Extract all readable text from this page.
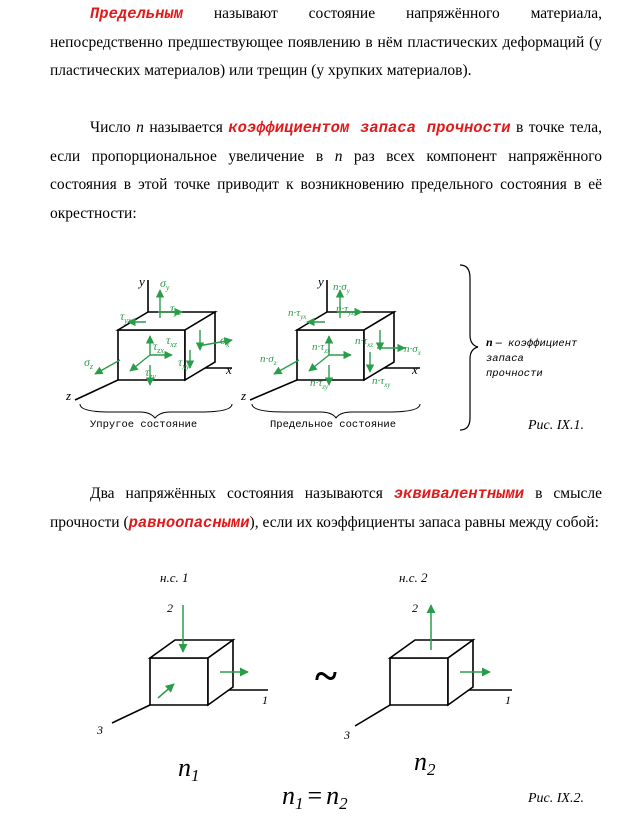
Предельным называют состояние напряжённого материала, непосредственно предшествующее появлению в нём пластических деформаций (у пластических материалов) или трещин (у хрупких материалов).

Число n называется коэффициентом запаса прочности в точке тела, если пропорциональное увеличение в n раз всех компонент напряжённого состояния в этой точке приводит к возникновению предельного состояния в её окрестности:

Два напряжённых состояния называются эквивалентными в смысле прочности (равноопасными), если их коэффициенты запаса равны между собой:

y
x
z
$\sigma_y$
$\tau_{yz}$
$\tau_{yx}$
$\tau_{zx}$
$\tau_{xz}$	$\sigma_x$
$\tau_{xy}$
$\sigma_z$	$\tau_{zy}$
Упругое состояние
y
x
z
$n\cdot\sigma_y$
$n\cdot\tau_{yz}$
$n\cdot\tau_{yx}$
$n\cdot\tau_{zx}$
$n\cdot\tau_{xz}$	$n\cdot\sigma_x$
$n\cdot\tau_{xy}$
$n\cdot\sigma_z$
$n\cdot\tau_{zy}$
Предельное состояние
n – коэффициент
запаса
прочности
Рис. IX.1.
н.с. 1
2
1
3
~
н.с. 2
2
1
3
n1	n2
n1 = n2	Рис. IX.2.
